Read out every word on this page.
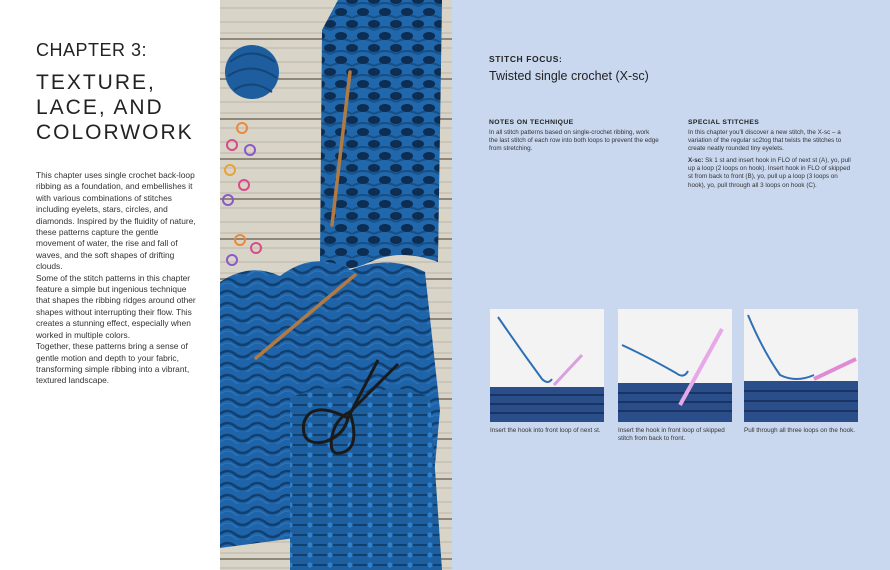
CHAPTER 3:
TEXTURE,
LACE, AND
COLORWORK

This chapter uses single crochet back-loop ribbing as a foundation, and embellishes it with various combinations of stitches including eyelets, stars, circles, and diamonds. Inspired by the fluidity of nature, these patterns capture the gentle movement of water, the rise and fall of waves, and the soft shapes of drifting clouds.

Some of the stitch patterns in this chapter feature a simple but ingenious technique that shapes the ribbing ridges around other shapes without interrupting their flow. This creates a stunning effect, especially when worked in multiple colors.

Together, these patterns bring a sense of gentle motion and depth to your fabric, transforming simple ribbing into a vibrant, textured landscape.

STITCH FOCUS:
Twisted single crochet (X-sc)
NOTES ON TECHNIQUE

In all stitch patterns based on single-crochet ribbing, work the last stitch of each row into both loops to prevent the edge from stretching.

SPECIAL STITCHES

In this chapter you'll discover a new stitch, the X-sc – a variation of the regular sc2tog that twists the stitches to create neatly rounded tiny eyelets.

X-sc: Sk 1 st and insert hook in FLO of next st (A), yo, pull up a loop (2 loops on hook). Insert hook in FLO of skipped st from back to front (B), yo, pull up a loop (3 loops on hook), yo, pull through all 3 loops on hook (C).

Insert the hook into front loop of next st.	Insert the hook in front loop of skipped stitch from back to front.
Pull through all three loops on the hook.
